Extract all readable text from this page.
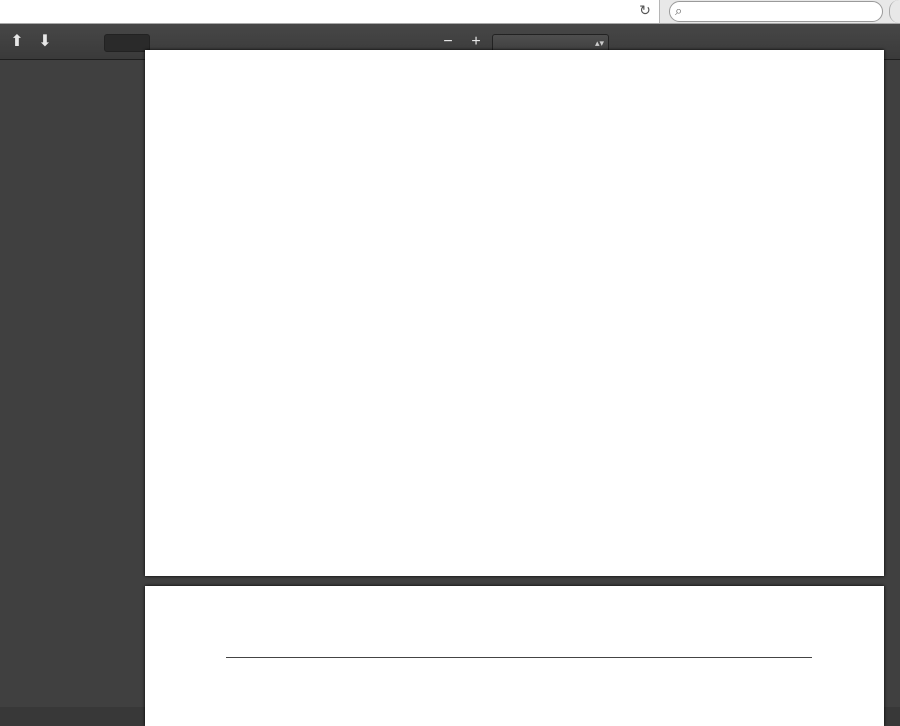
↻	⌕
⬆ ⬇	− +	▴▾
